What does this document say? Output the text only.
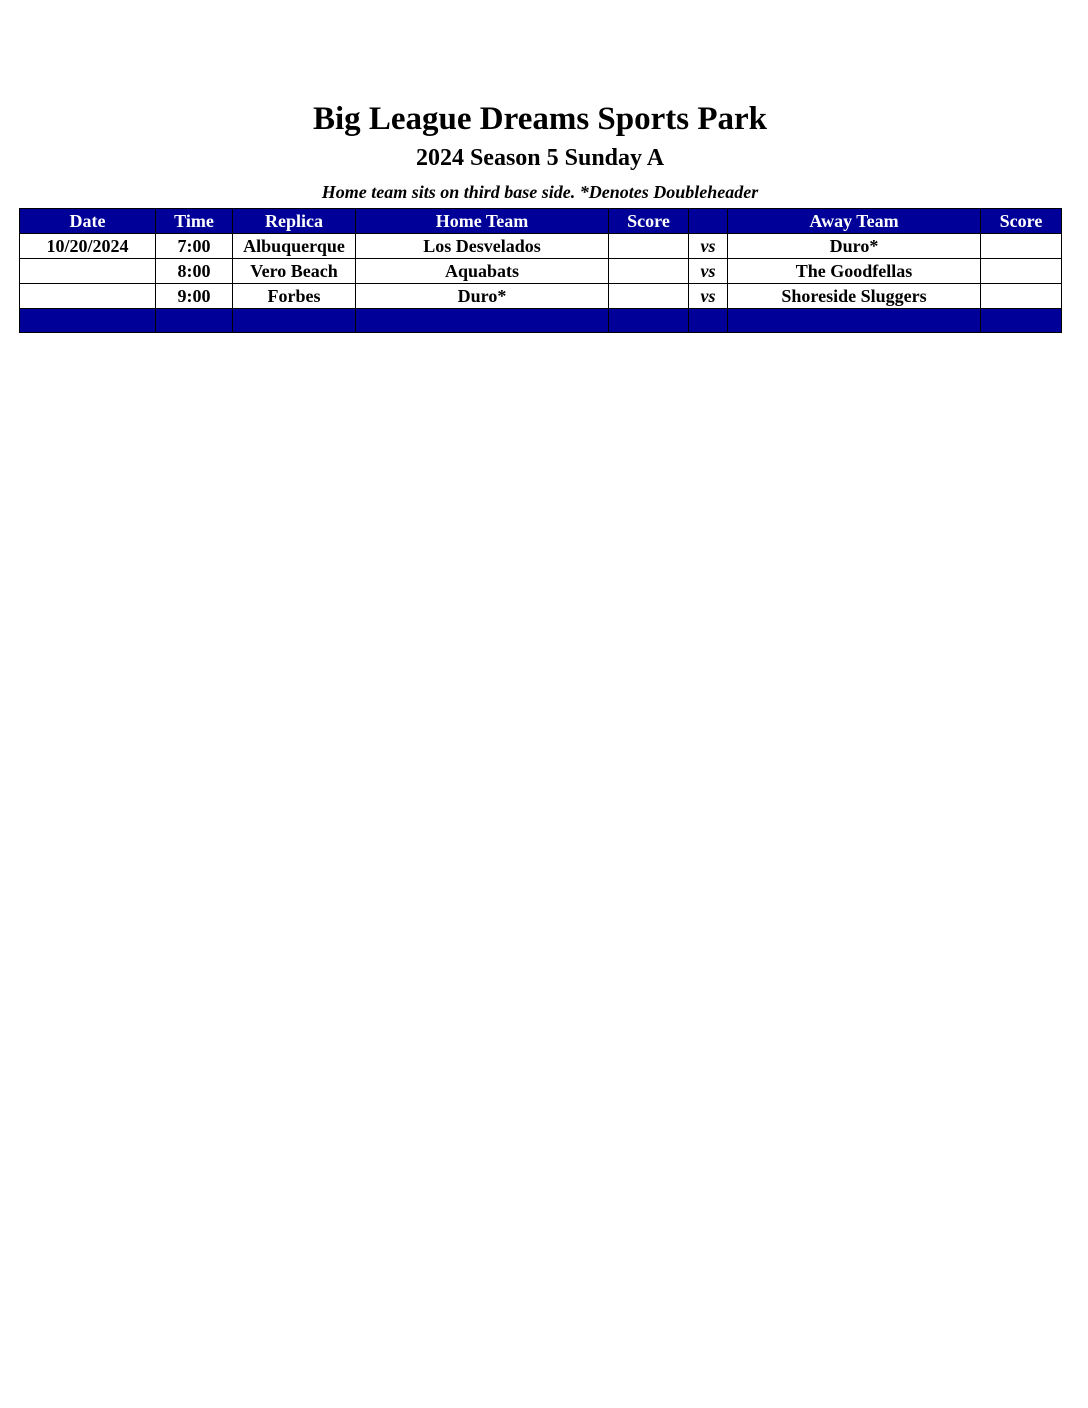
Big League Dreams Sports Park
2024 Season 5 Sunday A
Home team sits on third base side. *Denotes Doubleheader
Date	Time	Replica	Home Team	Score		Away Team	Score
10/20/2024	7:00	Albuquerque	Los Desvelados		vs	Duro*	
	8:00	Vero Beach	Aquabats		vs	The Goodfellas	
	9:00	Forbes	Duro*		vs	Shoreside Sluggers	
